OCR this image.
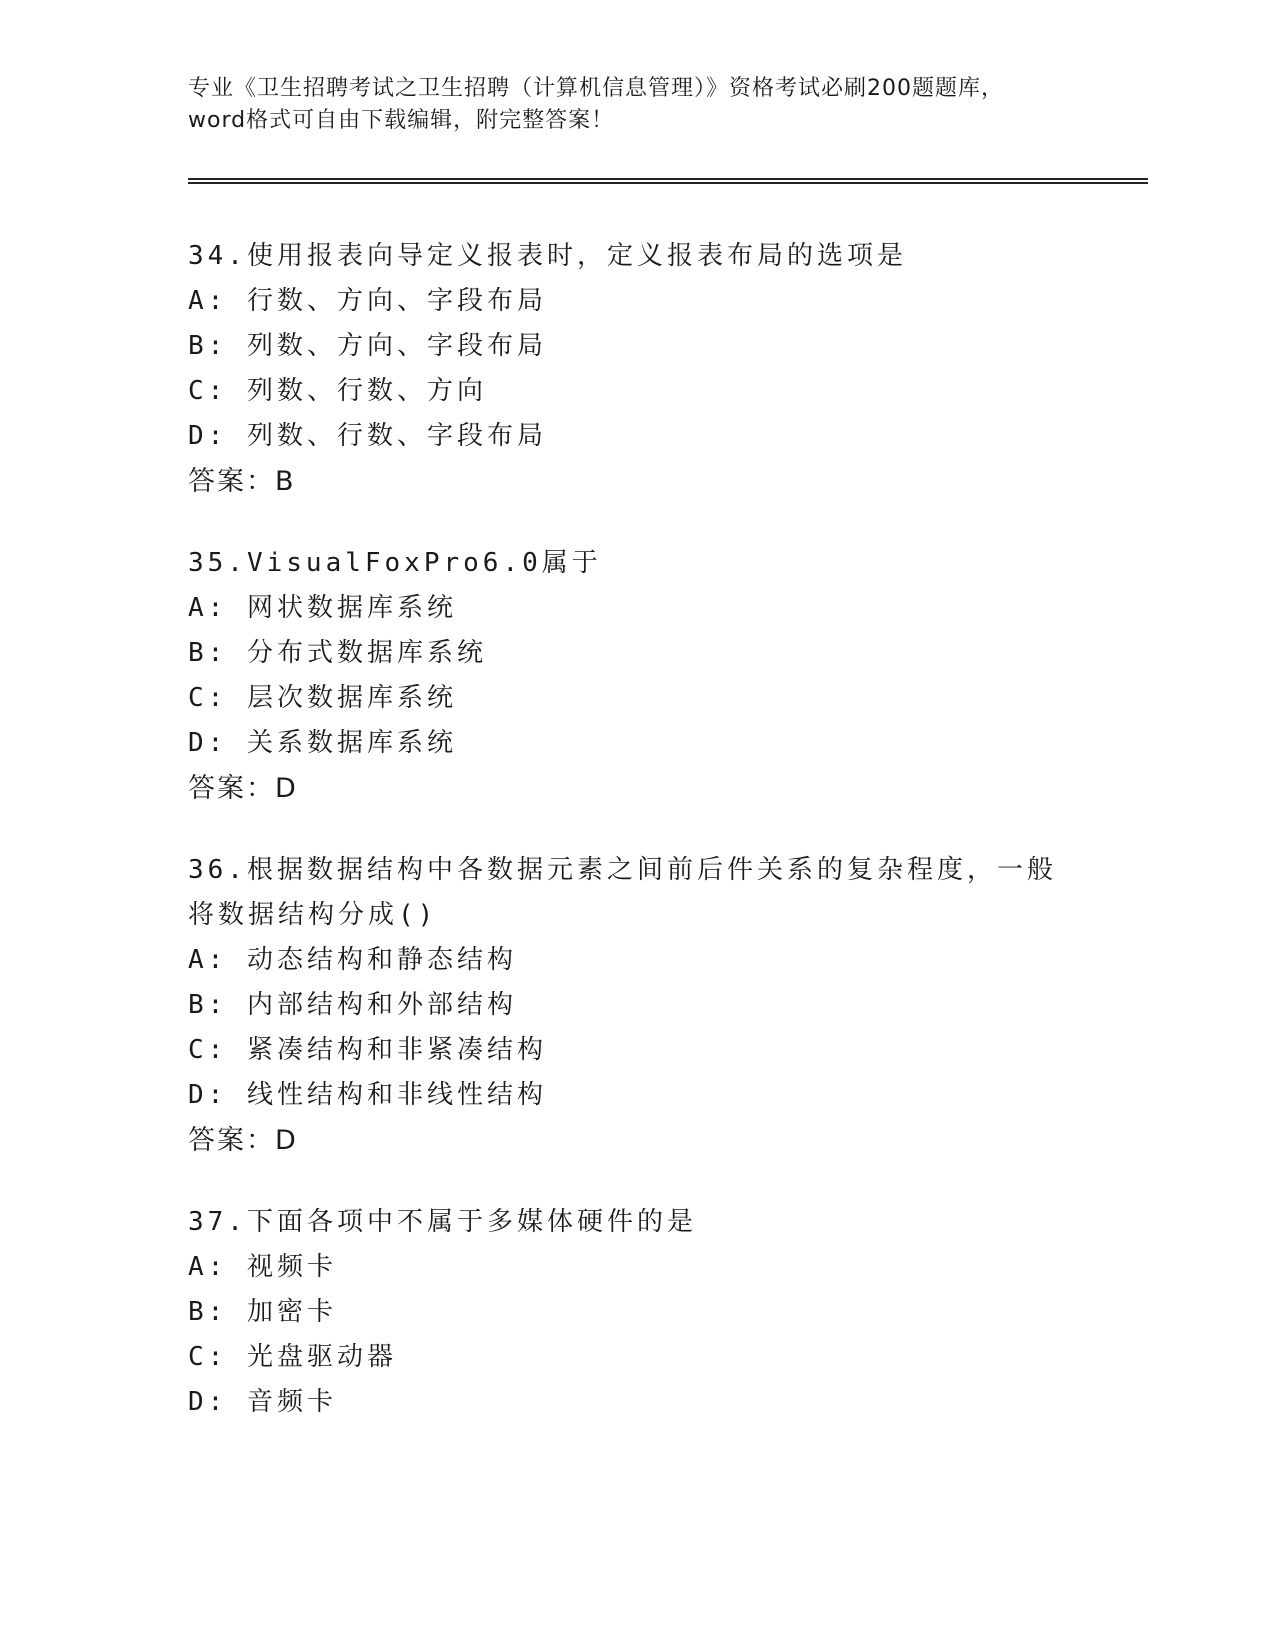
专业《卫生招聘考试之卫生招聘（计算机信息管理）》资格考试必刷200题题库，
word格式可自由下载编辑，附完整答案！
34.使用报表向导定义报表时，定义报表布局的选项是
A: 行数、方向、字段布局
B: 列数、方向、字段布局
C: 列数、行数、方向
D: 列数、行数、字段布局
答案：B
35.VisualFoxPro6.0属于
A: 网状数据库系统
B: 分布式数据库系统
C: 层次数据库系统
D: 关系数据库系统
答案：D
36.根据数据结构中各数据元素之间前后件关系的复杂程度，一般将数据结构分成()
A: 动态结构和静态结构
B: 内部结构和外部结构
C: 紧凑结构和非紧凑结构
D: 线性结构和非线性结构
答案：D
37.下面各项中不属于多媒体硬件的是
A: 视频卡
B: 加密卡
C: 光盘驱动器
D: 音频卡
